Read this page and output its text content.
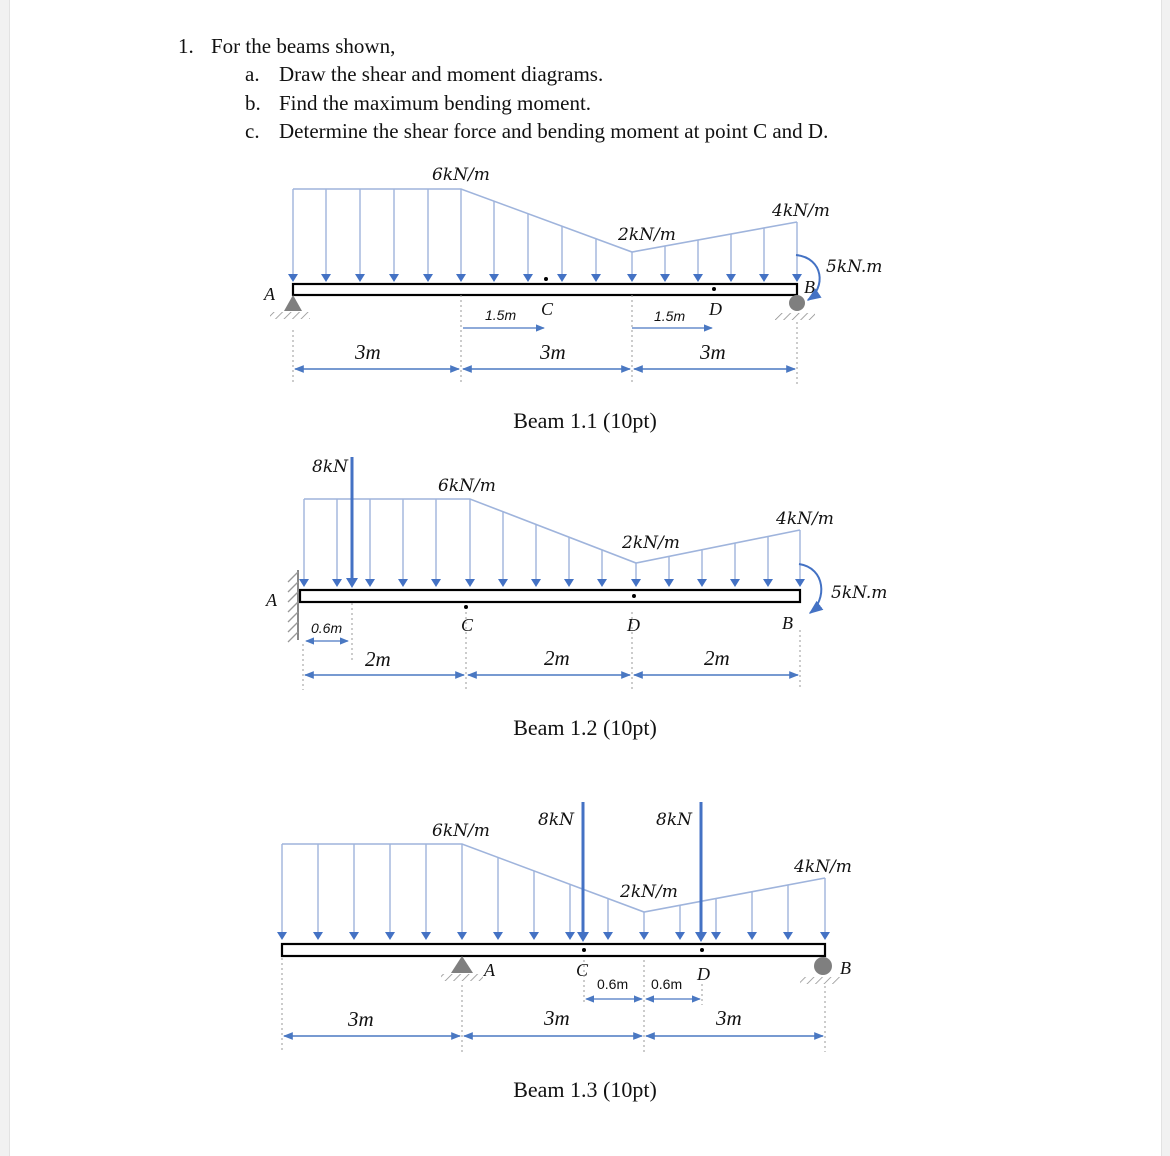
1. For the beams shown,
a. Draw the shear and moment diagrams.
b. Find the maximum bending moment.
c. Determine the shear force and bending moment at point C and D.
6kN/m
2kN/m
4kN/m
A	B
5kN.m
C	D
1.5m	1.5m
3m	3m	3m
Beam 1.1 (10pt)
8kN
6kN/m
2kN/m
4kN/m
A	5kN.m
B
C	D
0.6m
2m	2m	2m
Beam 1.2 (10pt)
8kN	8kN
6kN/m
2kN/m
4kN/m
A	B
C	D
0.6m 0.6m
3m	3m	3m
Beam 1.3 (10pt)
